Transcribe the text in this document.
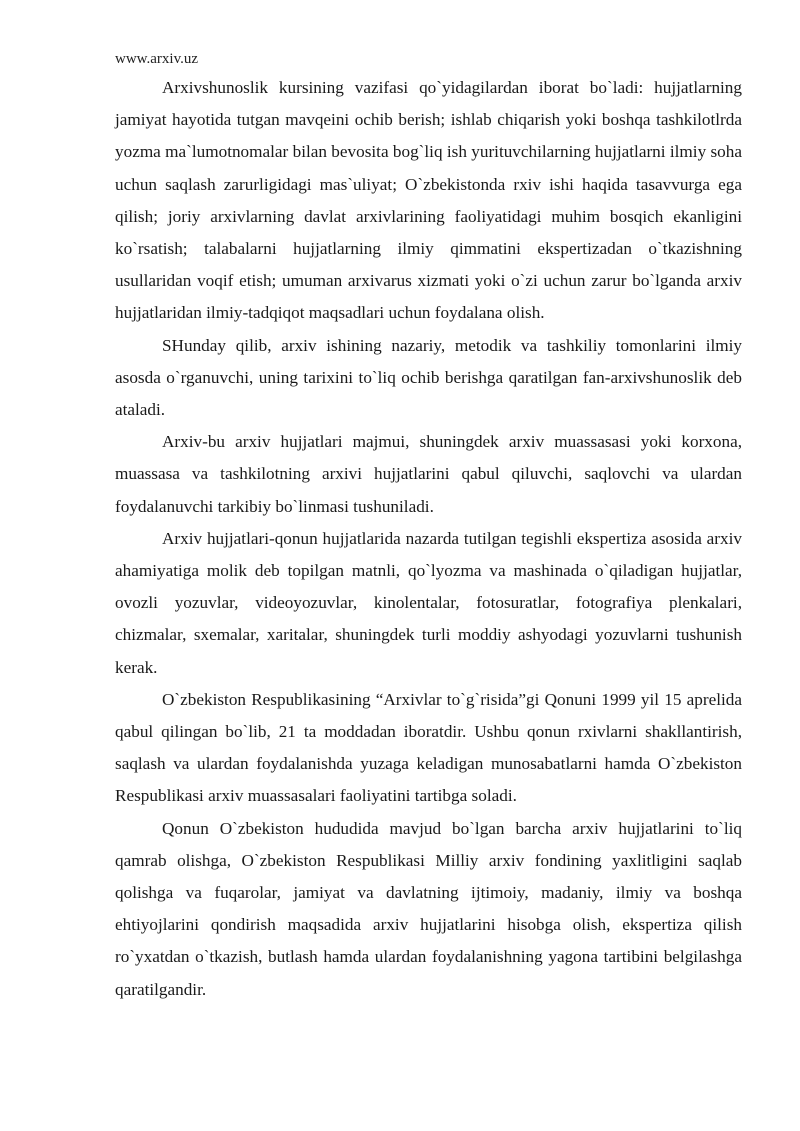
www.arxiv.uz

Arxivshunoslik kursining vazifasi qo`yidagilardan iborat bo`ladi: hujjatlarning jamiyat hayotida tutgan mavqeini ochib berish; ishlab chiqarish yoki boshqa tashkilotlrda yozma ma`lumotnomalar bilan bevosita bog`liq ish yurituvchilarning hujjatlarni ilmiy soha uchun saqlash zarurligidagi mas`uliyat; O`zbekistonda rxiv ishi haqida tasavvurga ega qilish; joriy arxivlarning davlat arxivlarining faoliyatidagi muhim bosqich ekanligini ko`rsatish; talabalarni hujjatlarning ilmiy qimmatini ekspertizadan o`tkazishning usullaridan voqif etish; umuman arxivarus xizmati yoki o`zi uchun zarur bo`lganda arxiv hujjatlaridan ilmiy-tadqiqot maqsadlari uchun foydalana olish.

SHunday qilib, arxiv ishining nazariy, metodik va tashkiliy tomonlarini ilmiy asosda o`rganuvchi, uning tarixini to`liq ochib berishga qaratilgan fan-arxivshunoslik deb ataladi.

Arxiv-bu arxiv hujjatlari majmui, shuningdek arxiv muassasasi yoki korxona, muassasa va tashkilotning arxivi hujjatlarini qabul qiluvchi, saqlovchi va ulardan foydalanuvchi tarkibiy bo`linmasi tushuniladi.

Arxiv hujjatlari-qonun hujjatlarida nazarda tutilgan tegishli ekspertiza asosida arxiv ahamiyatiga molik deb topilgan matnli, qo`lyozma va mashinada o`qiladigan hujjatlar, ovozli yozuvlar, videoyozuvlar, kinolentalar, fotosuratlar, fotografiya plenkalari, chizmalar, sxemalar, xaritalar, shuningdek turli moddiy ashyodagi yozuvlarni tushunish kerak.

O`zbekiston Respublikasining “Arxivlar to`g`risida”gi Qonuni 1999 yil 15 aprelida qabul qilingan bo`lib, 21 ta moddadan iboratdir. Ushbu qonun rxivlarni shakllantirish, saqlash va ulardan foydalanishda yuzaga keladigan munosabatlarni hamda O`zbekiston Respublikasi arxiv muassasalari faoliyatini tartibga soladi.

Qonun O`zbekiston hududida mavjud bo`lgan barcha arxiv hujjatlarini to`liq qamrab olishga, O`zbekiston Respublikasi Milliy arxiv fondining yaxlitligini saqlab qolishga va fuqarolar, jamiyat va davlatning ijtimoiy, madaniy, ilmiy va boshqa ehtiyojlarini qondirish maqsadida arxiv hujjatlarini hisobga olish, ekspertiza qilish ro`yxatdan o`tkazish, butlash hamda ulardan foydalanishning yagona tartibini belgilashga qaratilgandir.
